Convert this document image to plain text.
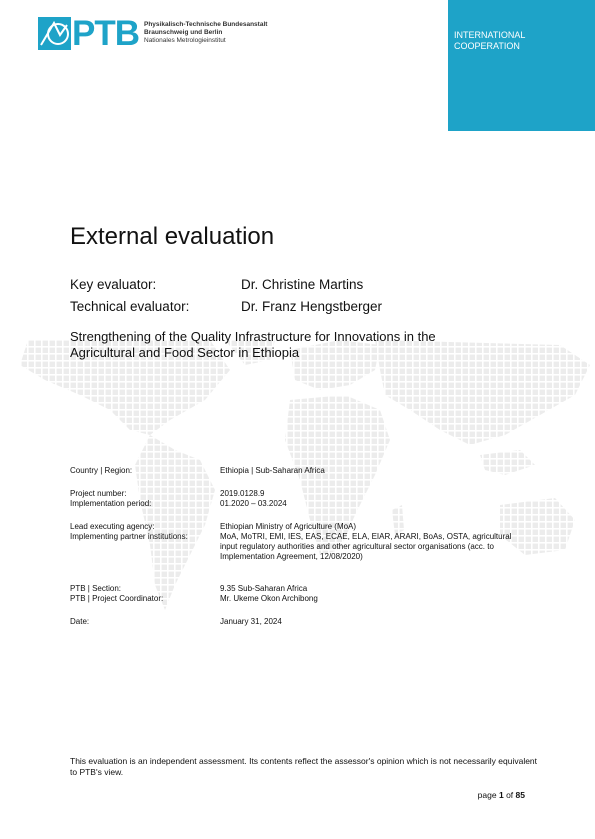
PTB Physikalisch-Technische Bundesanstalt
Braunschweig und Berlin
Nationales Metrologieinstitut
INTERNATIONAL
COOPERATION
External evaluation
Key evaluator:	Dr. Christine Martins
Technical evaluator:	Dr. Franz Hengstberger
Strengthening of the Quality Infrastructure for Innovations in the
Agricultural and Food Sector in Ethiopia
Country | Region:	Ethiopia | Sub-Saharan Africa
Project number:	2019.0128.9
Implementation period:	01.2020 – 03.2024
Lead executing agency:	Ethiopian Ministry of Agriculture (MoA)
Implementing partner institutions:	MoA, MoTRI, EMI, IES, EAS, ECAE, ELA, EIAR, ARARI, BoAs, OSTA, agricultural input regulatory authorities and other agricultural sector organisations (acc. to Implementation Agreement, 12/08/2020)
PTB | Section:	9.35 Sub-Saharan Africa
PTB | Project Coordinator:	Mr. Ukeme Okon Archibong
Date:	January 31, 2024
This evaluation is an independent assessment. Its contents reflect the assessor's opinion which is not necessarily equivalent to PTB's view.
page 1 of 85
